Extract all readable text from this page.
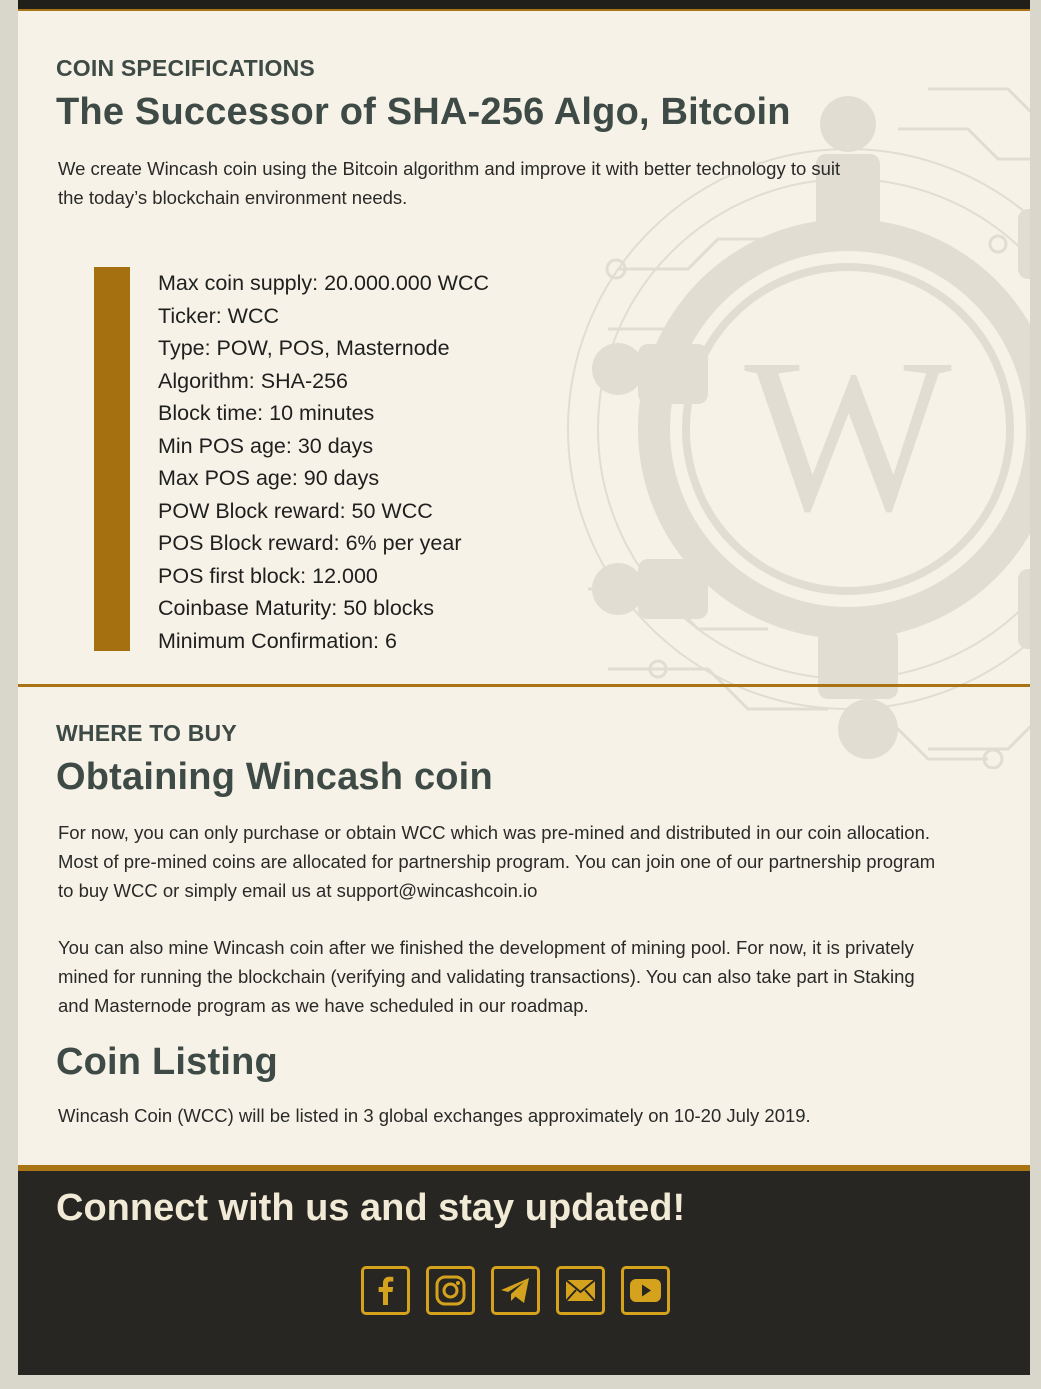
W
COIN SPECIFICATIONS
The Successor of SHA-256 Algo, Bitcoin
We create Wincash coin using the Bitcoin algorithm and improve it with better technology to suit
the today’s blockchain environment needs.
Max coin supply: 20.000.000 WCC
Ticker: WCC
Type: POW, POS, Masternode
Algorithm: SHA-256
Block time: 10 minutes
Min POS age: 30 days
Max POS age: 90 days
POW Block reward: 50 WCC
POS Block reward: 6% per year
POS first block: 12.000
Coinbase Maturity: 50 blocks
Minimum Confirmation: 6
WHERE TO BUY
Obtaining Wincash coin
For now, you can only purchase or obtain WCC which was pre-mined and distributed in our coin allocation.
Most of pre-mined coins are allocated for partnership program. You can join one of our partnership program
to buy WCC or simply email us at support@wincashcoin.io
You can also mine Wincash coin after we finished the development of mining pool. For now, it is privately
mined for running the blockchain (verifying and validating transactions). You can also take part in Staking
and Masternode program as we have scheduled in our roadmap.
Coin Listing
Wincash Coin (WCC) will be listed in 3 global exchanges approximately on 10-20 July 2019.
Connect with us and stay updated!
